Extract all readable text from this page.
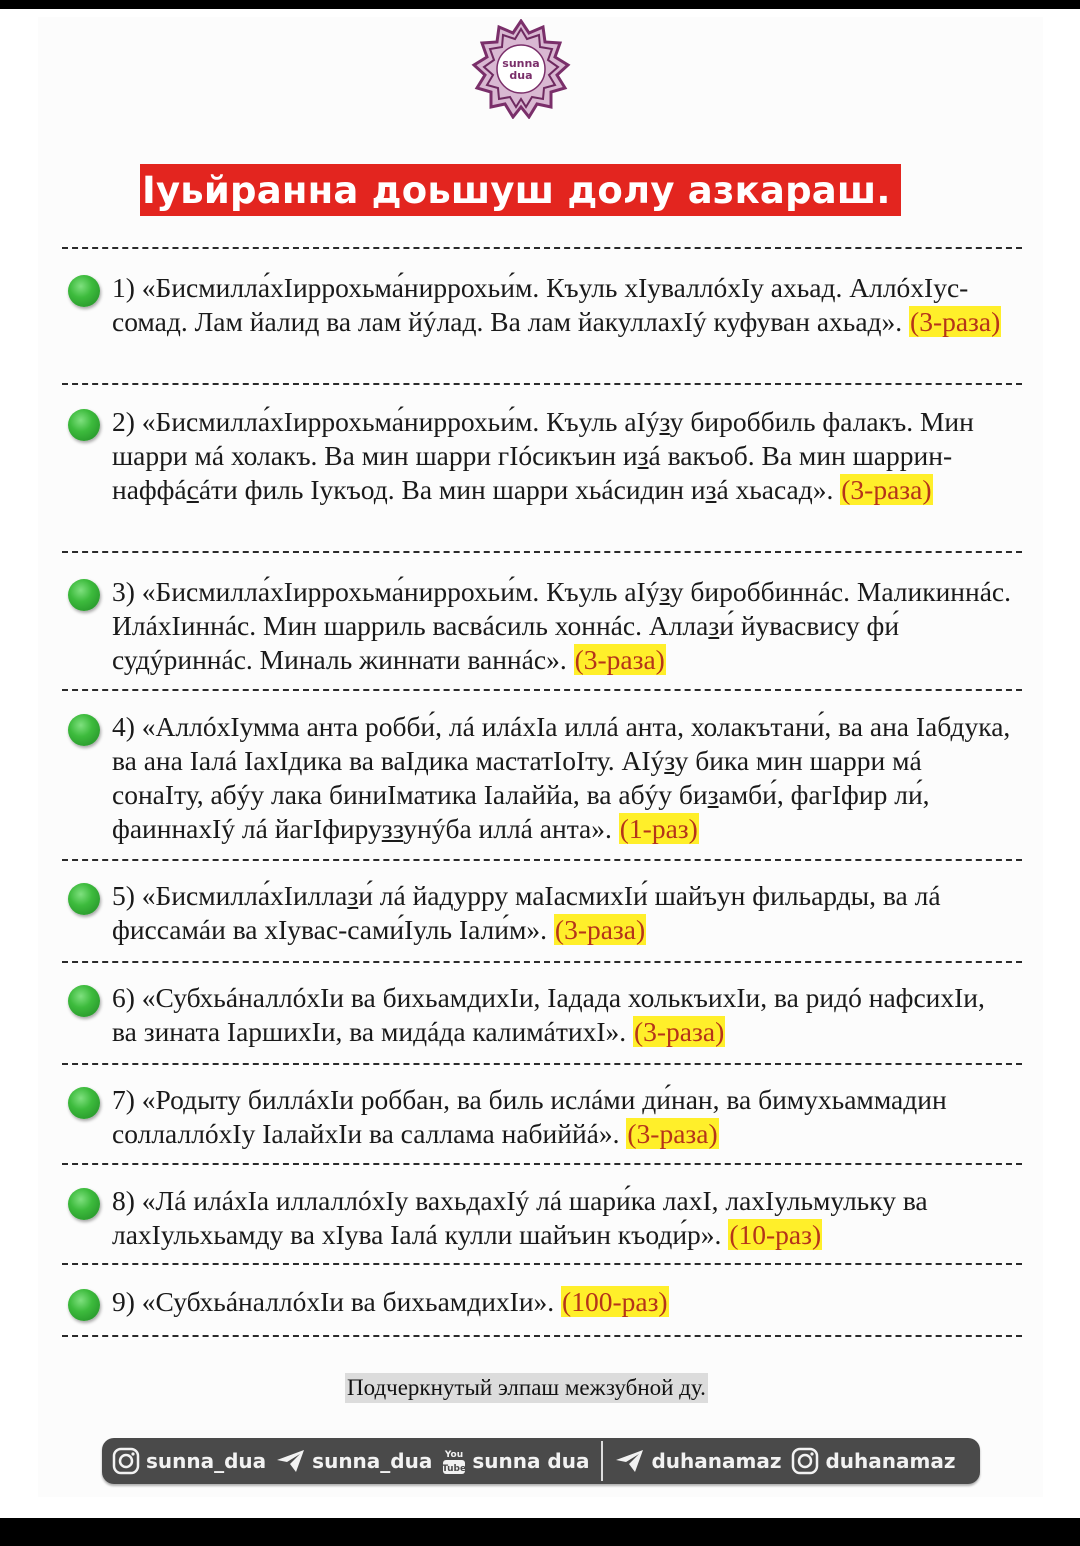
sunna
dua
Iуьйранна доьшуш долу азкараш.
1) «Бисмилла́хIиррохьма́ниррохьи́м. Къуль хIуваллóхIу ахьад. АллóхIус-сомад. Лам йалид ва лам йýлад. Ва лам йакуллахIý куфуван ахьад». (3-раза)
2) «Бисмилла́хIиррохьма́ниррохьи́м. Къуль аIýзу бироббиль фалакъ. Мин шарри мá холакъ. Ва мин шарри гIóсикъин изá вакъоб. Ва мин шаррин-наффáсáти филь Iукъод. Ва мин шарри хьáсидин изá хьасад». (3-раза)
3) «Бисмилла́хIиррохьма́ниррохьи́м. Къуль аIýзу бироббиннáс. Маликиннáс. ИлáхIиннáс. Мин шарриль васвáсиль хоннáс. Аллази́ йувасвису фи́ судýриннáс. Миналь жиннати ваннáс». (3-раза)
4) «АллóхIумма анта робби́, лá илáхIа иллá анта, холакътани́, ва ана Iабдука, ва ана Iалá IахIдика ва ваIдика мастатIоIту. АIýзу бика мин шарри мá сонаIту, абýу лака биниIматика Iалаййа, ва абýу бизамби́, фагIфир ли́, фаиннахIý лá йагIфируззунýба иллá анта». (1-раз)
5) «Бисмилла́хIиллази́ лá йадурру маIасмихIи́ шайъун фильарды, ва лá фиссамáи ва хIувас-сами́Iуль Iали́м». (3-раза)
6) «СубхьáналлóхIи ва бихьамдихIи, Iадада холькъихIи, ва ридó нафсихIи, ва зината IаршихIи, ва мидáда калимáтихI». (3-раза)
7) «Родыту биллáхIи роббан, ва биль ислáми ди́нан, ва бимухьаммадин соллаллóхIу IалайхIи ва саллама набиййá». (3-раза)
8) «Лá илáхIа иллаллóхIу вахьдахIý лá шари́ка лахI, лахIульмульку ва лахIульхьамду ва хIува Iалá кулли шайъин къоди́р». (10-раз)
9) «СубхьáналлóхIи ва бихьамдихIи». (100-раз)
Подчеркнутый элпаш межзубной ду.
sunna_dua sunna_dua You
Tube sunna dua	duhanamaz duhanamaz
